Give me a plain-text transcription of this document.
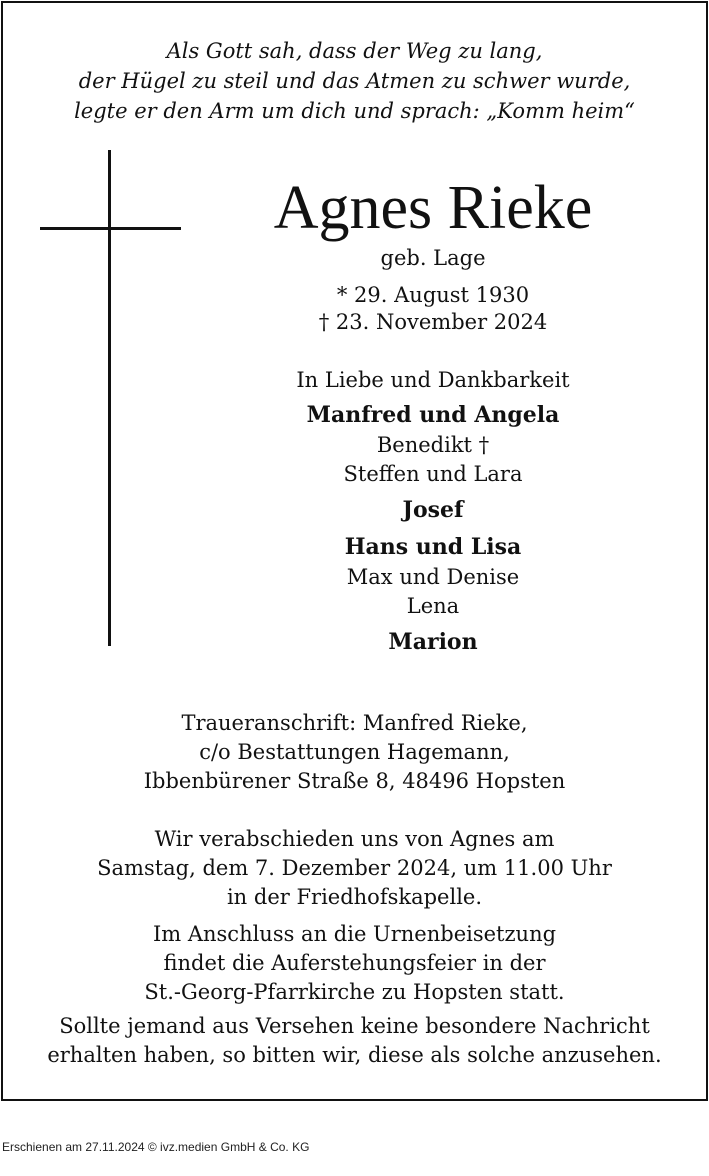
Als Gott sah, dass der Weg zu lang,
der Hügel zu steil und das Atmen zu schwer wurde,
legte er den Arm um dich und sprach: „Komm heim“
Agnes Rieke
geb. Lage
* 29. August 1930
† 23. November 2024
In Liebe und Dankbarkeit
Manfred und Angela
Benedikt †
Steffen und Lara
Josef
Hans und Lisa
Max und Denise
Lena
Marion
Traueranschrift: Manfred Rieke,
c/o Bestattungen Hagemann,
Ibbenbürener Straße 8, 48496 Hopsten
Wir verabschieden uns von Agnes am
Samstag, dem 7. Dezember 2024, um 11.00 Uhr
in der Friedhofskapelle.
Im Anschluss an die Urnenbeisetzung
findet die Auferstehungsfeier in der
St.-Georg-Pfarrkirche zu Hopsten statt.
Sollte jemand aus Versehen keine besondere Nachricht
erhalten haben, so bitten wir, diese als solche anzusehen.
Erschienen am 27.11.2024 © ivz.medien GmbH & Co. KG
